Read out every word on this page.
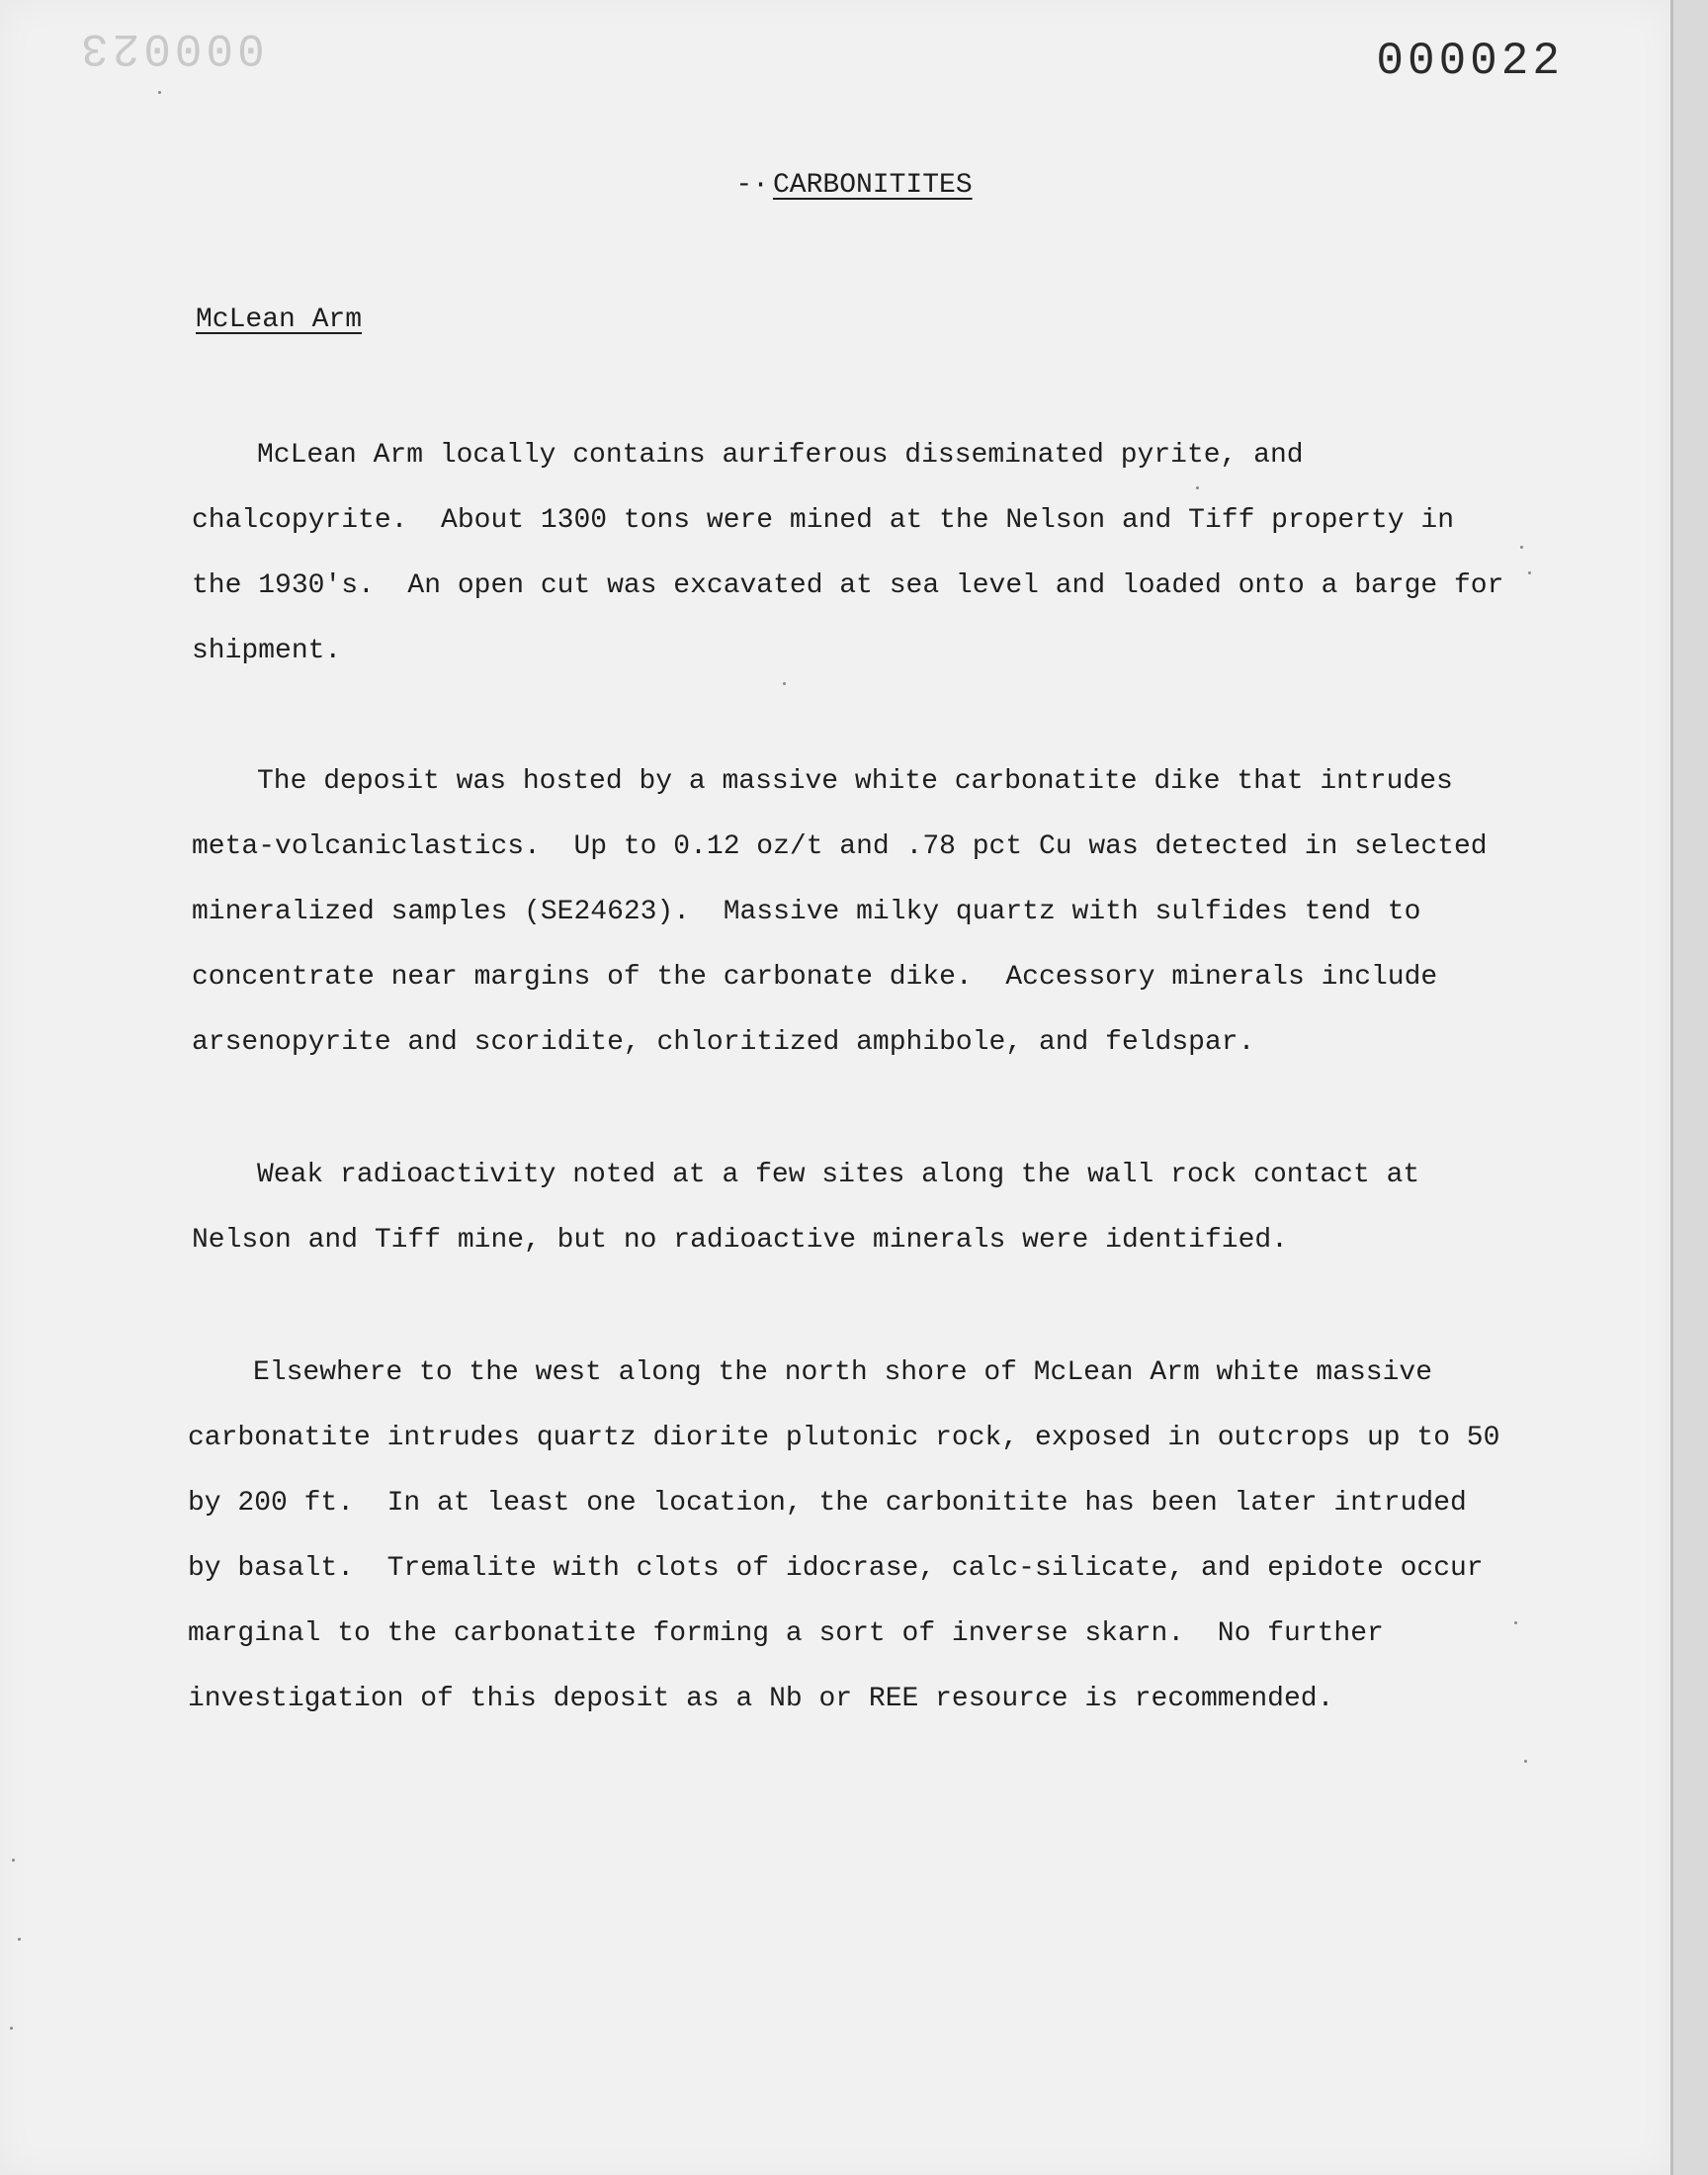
000023	000022
-· CARBONITITES
McLean Arm

McLean Arm locally contains auriferous disseminated pyrite, and chalcopyrite.  About 1300 tons were mined at the Nelson and Tiff property in the 1930's.  An open cut was excavated at sea level and loaded onto a barge for shipment.

The deposit was hosted by a massive white carbonatite dike that intrudes meta-volcaniclastics.  Up to 0.12 oz/t and .78 pct Cu was detected in selected mineralized samples (SE24623).  Massive milky quartz with sulfides tend to concentrate near margins of the carbonate dike.  Accessory minerals include arsenopyrite and scoridite, chloritized amphibole, and feldspar.

Weak radioactivity noted at a few sites along the wall rock contact at Nelson and Tiff mine, but no radioactive minerals were identified.

Elsewhere to the west along the north shore of McLean Arm white massive carbonatite intrudes quartz diorite plutonic rock, exposed in outcrops up to 50 by 200 ft.  In at least one location, the carbonitite has been later intruded by basalt.  Tremalite with clots of idocrase, calc-silicate, and epidote occur marginal to the carbonatite forming a sort of inverse skarn.  No further investigation of this deposit as a Nb or REE resource is recommended.
